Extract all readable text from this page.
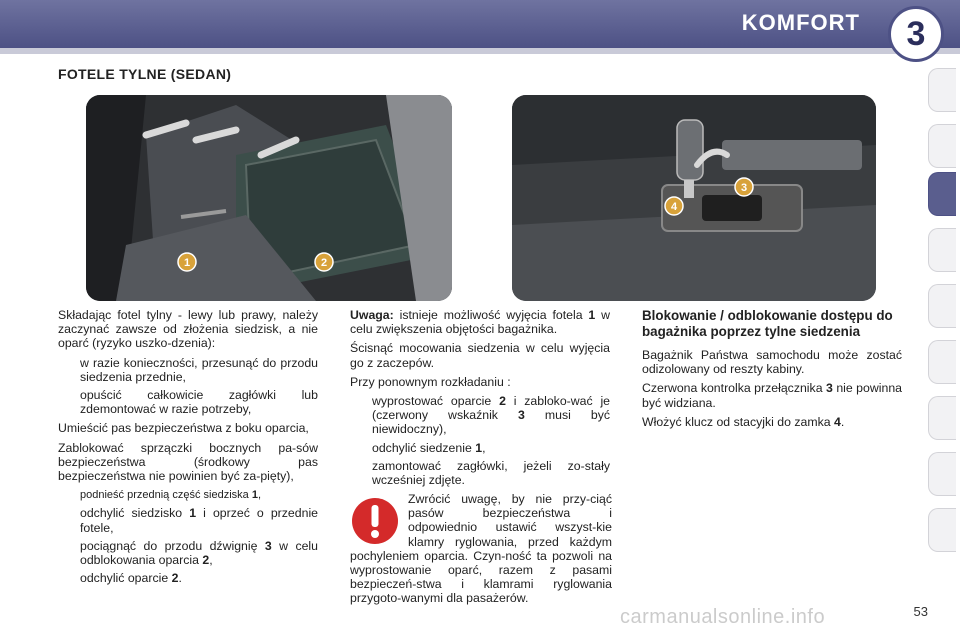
KOMFORT	3
FOTELE TYLNE (SEDAN)
1	2
3
4

Składając fotel tylny - lewy lub prawy, należy zaczynać zawsze od złożenia siedzisk, a nie oparć (ryzyko uszko-dzenia):

w razie konieczności, przesunąć do przodu siedzenia przednie,
opuścić całkowicie zagłówki lub zdemontować w razie potrzeby,

Umieścić pas bezpieczeństwa z boku oparcia,

Zablokować sprzączki bocznych pa-sów bezpieczeństwa (środkowy pas bezpieczeństwa nie powinien być za-pięty),

podnieść przednią część siedziska 1,
odchylić siedzisko 1 i oprzeć o przednie fotele,
pociągnąć do przodu dźwignię 3 w celu odblokowania oparcia 2,
odchylić oparcie 2.

Uwaga: istnieje możliwość wyjęcia fotela 1 w celu zwiększenia objętości bagażnika.

Ścisnąć mocowania siedzenia w celu wyjęcia go z zaczepów.

Przy ponownym rozkładaniu :

wyprostować oparcie 2 i zabloko-wać je (czerwony wskaźnik 3 musi być niewidoczny),
odchylić siedzenie 1,
zamontować zagłówki, jeżeli zo-stały wcześniej zdjęte.
Zwrócić uwagę, by nie przy-ciąć pasów bezpieczeństwa i odpowiednio ustawić wszyst-kie klamry ryglowania, przed każdym pochyleniem oparcia. Czyn-ność ta pozwoli na wyprostowanie oparć, razem z pasami bezpieczeń-stwa i klamrami ryglowania przygoto-wanymi dla pasażerów.
Blokowanie / odblokowanie dostępu do bagażnika poprzez tylne siedzenia

Bagażnik Państwa samochodu może zostać odizolowany od reszty kabiny.

Czerwona kontrolka przełącznika 3 nie powinna być widziana.

Włożyć klucz od stacyjki do zamka 4.

carmanualsonline.info	53
